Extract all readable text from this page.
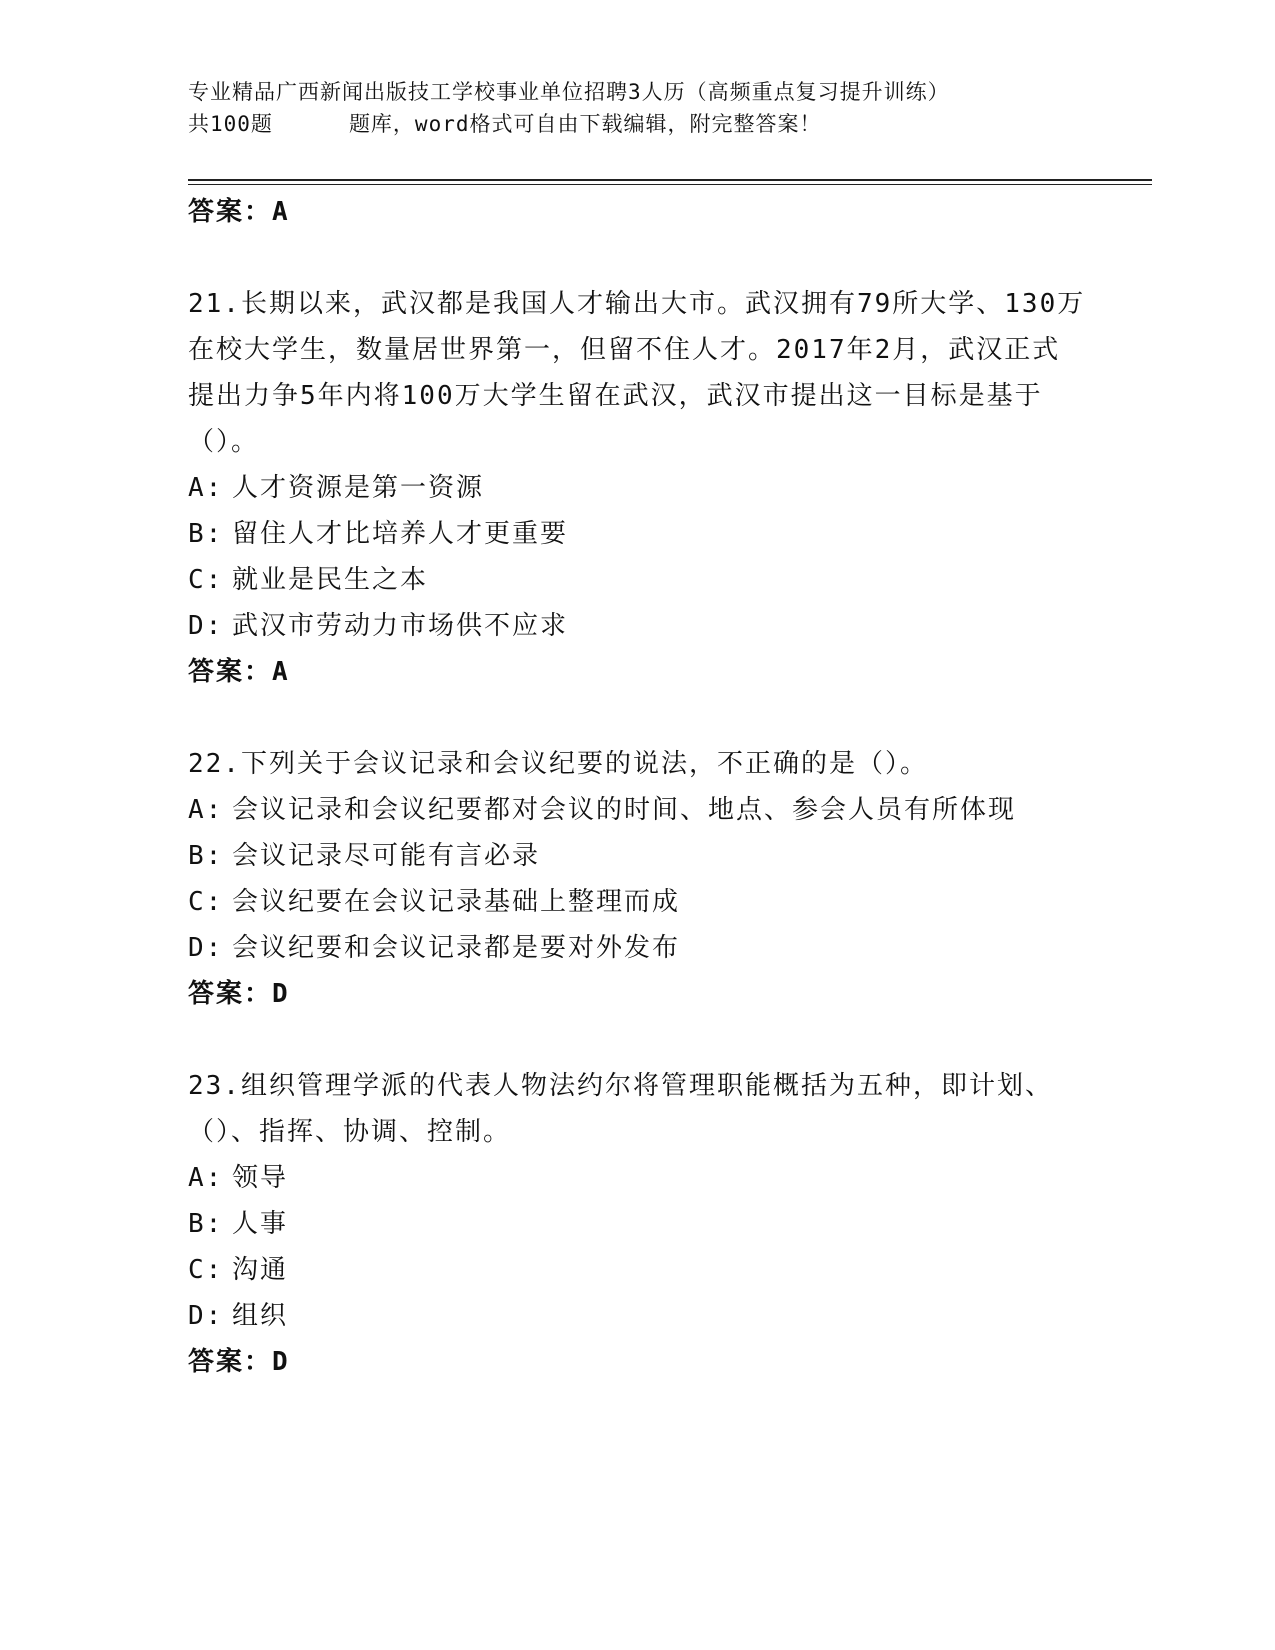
专业精品广西新闻出版技工学校事业单位招聘3人历（高频重点复习提升训练）
共100题	题库，word格式可自由下载编辑，附完整答案！
答案：A
21.长期以来，武汉都是我国人才输出大市。武汉拥有79所大学、130万在校大学生，数量居世界第一，但留不住人才。2017年2月，武汉正式提出力争5年内将100万大学生留在武汉，武汉市提出这一目标是基于（）。
A: 人才资源是第一资源
B: 留住人才比培养人才更重要
C: 就业是民生之本
D: 武汉市劳动力市场供不应求
答案：A
22.下列关于会议记录和会议纪要的说法，不正确的是（）。
A: 会议记录和会议纪要都对会议的时间、地点、参会人员有所体现
B: 会议记录尽可能有言必录
C: 会议纪要在会议记录基础上整理而成
D: 会议纪要和会议记录都是要对外发布
答案：D
23.组织管理学派的代表人物法约尔将管理职能概括为五种，即计划、（）、指挥、协调、控制。
A: 领导
B: 人事
C: 沟通
D: 组织
答案：D
